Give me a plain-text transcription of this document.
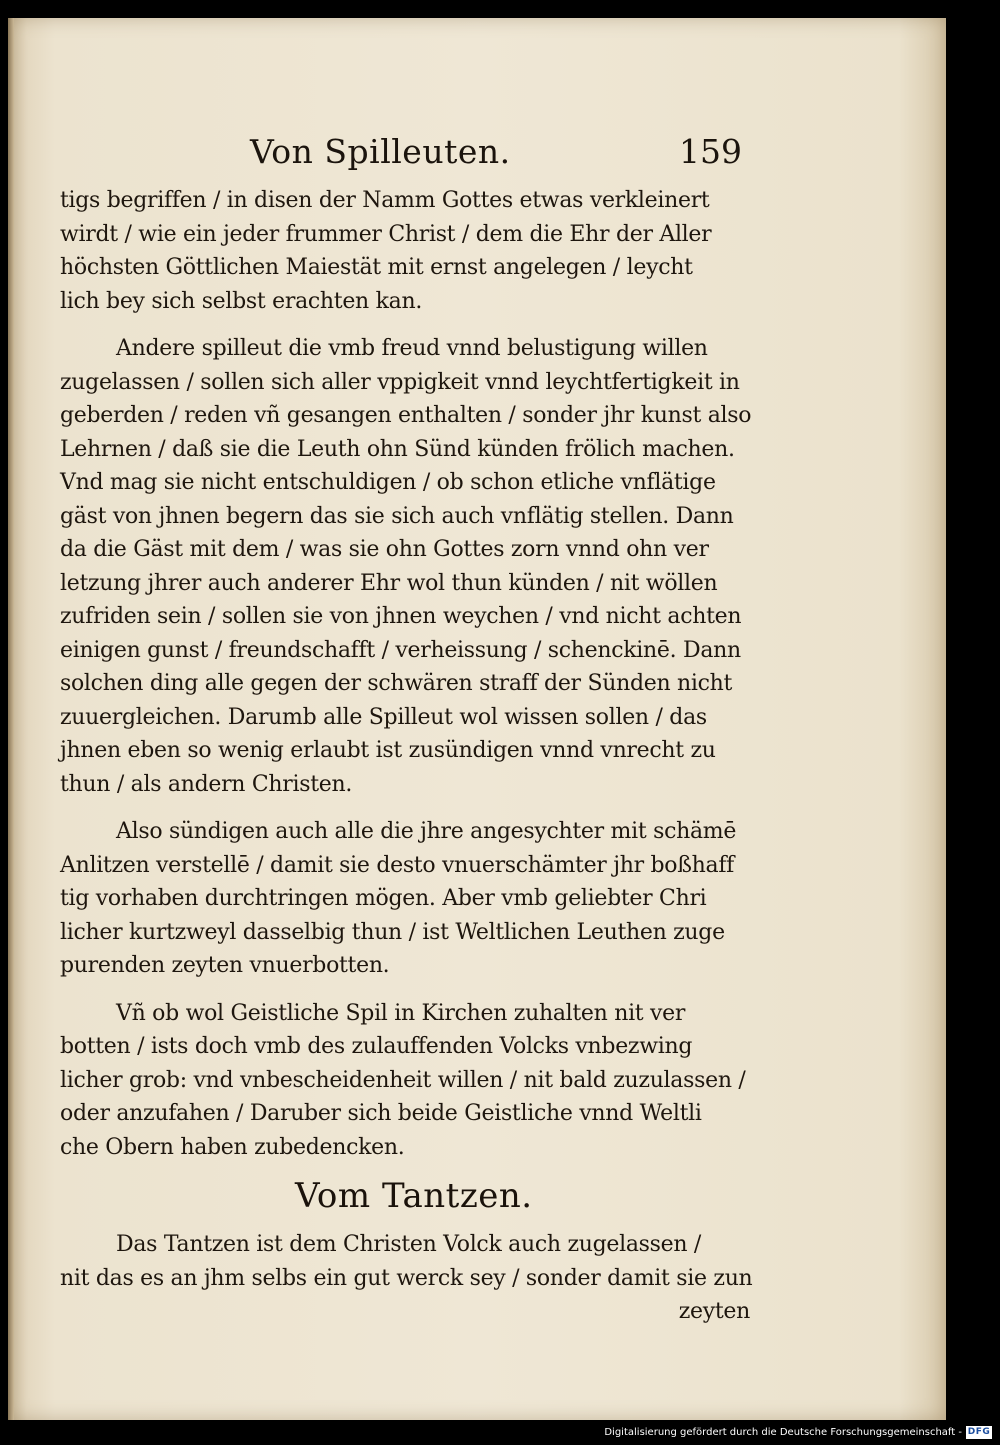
Von Spilleuten.	159
tigs begriffen / in disen der Namm Gottes etwas verkleinert
wirdt / wie ein jeder frummer Christ / dem die Ehr der Aller
höchsten Göttlichen Maiestät mit ernst angelegen / leycht
lich bey sich selbst erachten kan.
Andere spilleut die vmb freud vnnd belustigung willen
zugelassen / sollen sich aller vppigkeit vnnd leychtfertigkeit in
geberden / reden vñ gesangen enthalten / sonder jhr kunst also
Lehrnen / daß sie die Leuth ohn Sünd künden frölich machen.
Vnd mag sie nicht entschuldigen / ob schon etliche vnflätige
gäst von jhnen begern das sie sich auch vnflätig stellen. Dann
da die Gäst mit dem / was sie ohn Gottes zorn vnnd ohn ver
letzung jhrer auch anderer Ehr wol thun künden / nit wöllen
zufriden sein / sollen sie von jhnen weychen / vnd nicht achten
einigen gunst / freundschafft / verheissung / schenckinē. Dann
solchen ding alle gegen der schwären straff der Sünden nicht
zuuergleichen. Darumb alle Spilleut wol wissen sollen / das
jhnen eben so wenig erlaubt ist zusündigen vnnd vnrecht zu
thun / als andern Christen.
Also sündigen auch alle die jhre angesychter mit schämē
Anlitzen verstellē / damit sie desto vnuerschämter jhr boßhaff
tig vorhaben durchtringen mögen. Aber vmb geliebter Chri
licher kurtzweyl dasselbig thun / ist Weltlichen Leuthen zuge
purenden zeyten vnuerbotten.
Vñ ob wol Geistliche Spil in Kirchen zuhalten nit ver
botten / ists doch vmb des zulauffenden Volcks vnbezwing
licher grob: vnd vnbescheidenheit willen / nit bald zuzulassen /
oder anzufahen / Daruber sich beide Geistliche vnnd Weltli
che Obern haben zubedencken.
Vom Tantzen.
Das Tantzen ist dem Christen Volck auch zugelassen /
nit das es an jhm selbs ein gut werck sey / sonder damit sie zun
zeyten
Digitalisierung gefördert durch die Deutsche Forschungsgemeinschaft - DFG
